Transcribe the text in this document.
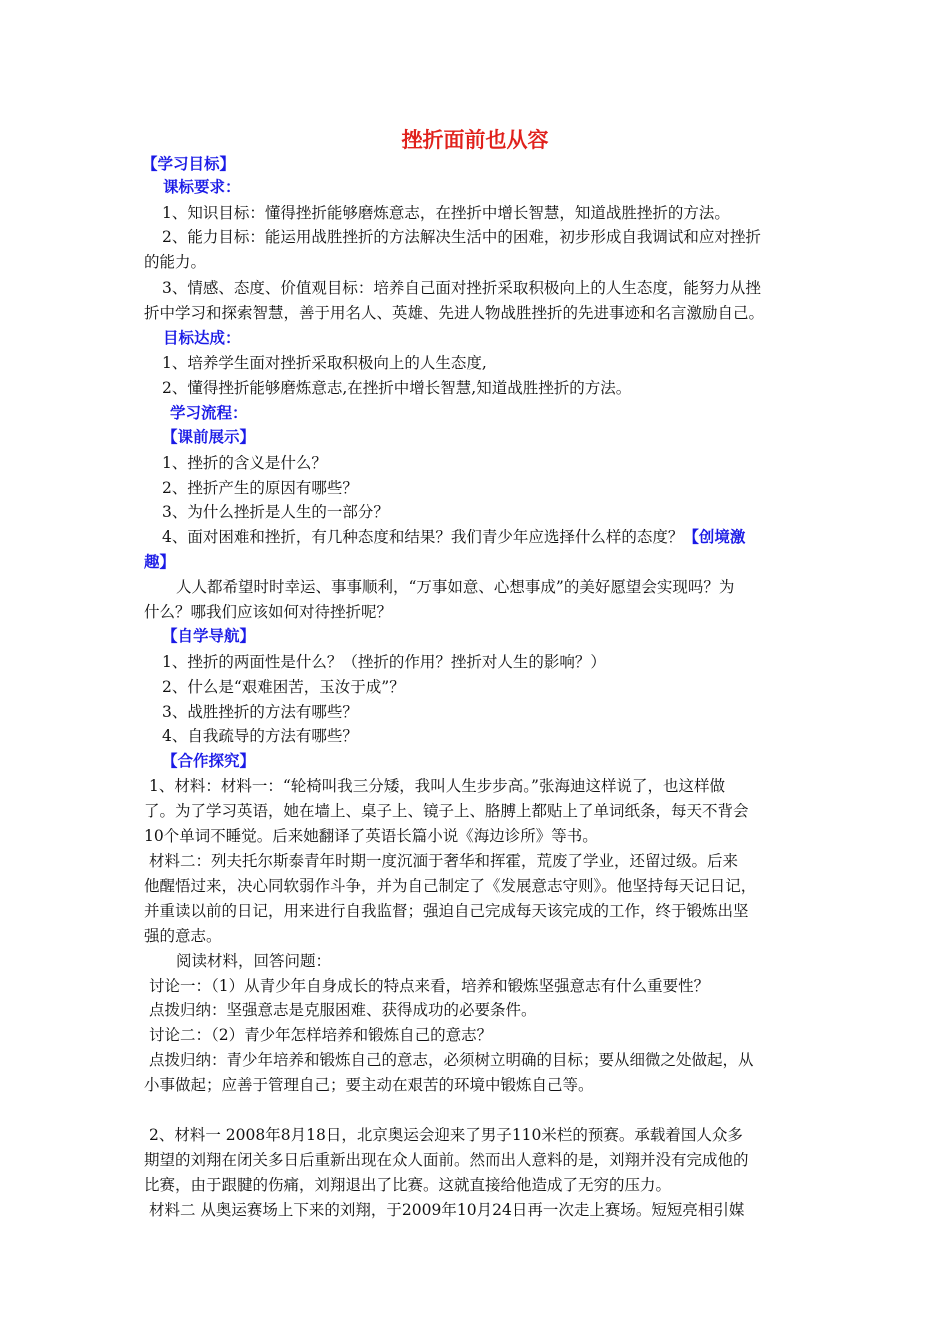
挫折面前也从容
【学习目标】
课标要求：
1、知识目标：懂得挫折能够磨炼意志，在挫折中增长智慧，知道战胜挫折的方法。
2、能力目标：能运用战胜挫折的方法解决生活中的困难，初步形成自我调试和应对挫折
的能力。
3、情感、态度、价值观目标：培养自己面对挫折采取积极向上的人生态度，能努力从挫
折中学习和探索智慧，善于用名人、英雄、先进人物战胜挫折的先进事迹和名言激励自己。
目标达成：
1、培养学生面对挫折采取积极向上的人生态度,
2、懂得挫折能够磨炼意志,在挫折中增长智慧,知道战胜挫折的方法。
学习流程：
【课前展示】
1、挫折的含义是什么？
2、挫折产生的原因有哪些？
3、为什么挫折是人生的一部分？
4、面对困难和挫折，有几种态度和结果？我们青少年应选择什么样的态度？【创境激
趣】
人人都希望时时幸运、事事顺利，“万事如意、心想事成”的美好愿望会实现吗？为
什么？哪我们应该如何对待挫折呢？
【自学导航】
1、挫折的两面性是什么？（挫折的作用？挫折对人生的影响？）
2、什么是“艰难困苦，玉汝于成”？
3、战胜挫折的方法有哪些？
4、自我疏导的方法有哪些？
【合作探究】
1、材料：材料一：“轮椅叫我三分矮，我叫人生步步高。”张海迪这样说了，也这样做
了。为了学习英语，她在墙上、桌子上、镜子上、胳膊上都贴上了单词纸条，每天不背会
10个单词不睡觉。后来她翻译了英语长篇小说《海边诊所》等书。
材料二：列夫托尔斯泰青年时期一度沉湎于奢华和挥霍，荒废了学业，还留过级。后来
他醒悟过来，决心同软弱作斗争，并为自己制定了《发展意志守则》。他坚持每天记日记，
并重读以前的日记，用来进行自我监督；强迫自己完成每天该完成的工作，终于锻炼出坚
强的意志。
阅读材料，回答问题：
讨论一：（1）从青少年自身成长的特点来看，培养和锻炼坚强意志有什么重要性？
点拨归纳：坚强意志是克服困难、获得成功的必要条件。
讨论二：（2）青少年怎样培养和锻炼自己的意志？
点拨归纳：青少年培养和锻炼自己的意志，必须树立明确的目标；要从细微之处做起，从
小事做起；应善于管理自己；要主动在艰苦的环境中锻炼自己等。
2、材料一 2008年8月18日，北京奥运会迎来了男子110米栏的预赛。承载着国人众多
期望的刘翔在闭关多日后重新出现在众人面前。然而出人意料的是，刘翔并没有完成他的
比赛，由于跟腱的伤痛，刘翔退出了比赛。这就直接给他造成了无穷的压力。
材料二 从奥运赛场上下来的刘翔，于2009年10月24日再一次走上赛场。短短亮相引媒
